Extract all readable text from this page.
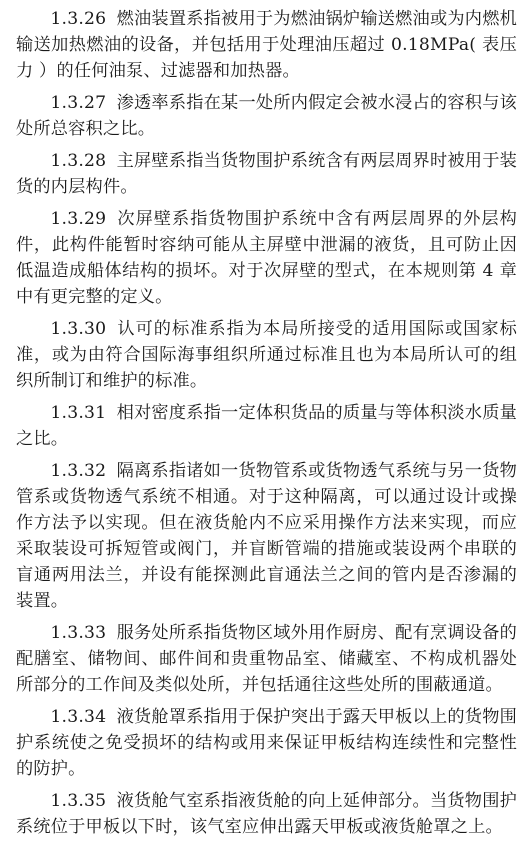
1.3.26 燃油装置系指被用于为燃油锅炉输送燃油或为内燃机输送加热燃油的设备，并包括用于处理油压超过 0.18MPa( 表压力 ）的任何油泵、过滤器和加热器。

1.3.27 渗透率系指在某一处所内假定会被水浸占的容积与该处所总容积之比。

1.3.28 主屏壁系指当货物围护系统含有两层周界时被用于装货的内层构件。

1.3.29 次屏壁系指货物围护系统中含有两层周界的外层构件，此构件能暂时容纳可能从主屏壁中泄漏的液货，且可防止因低温造成船体结构的损坏。对于次屏壁的型式，在本规则第 4 章中有更完整的定义。

1.3.30 认可的标准系指为本局所接受的适用国际或国家标准，或为由符合国际海事组织所通过标准且也为本局所认可的组织所制订和维护的标准。

1.3.31 相对密度系指一定体积货品的质量与等体积淡水质量之比。

1.3.32 隔离系指诸如一货物管系或货物透气系统与另一货物管系或货物透气系统不相通。对于这种隔离，可以通过设计或操作方法予以实现。但在液货舱内不应采用操作方法来实现，而应采取装设可拆短管或阀门，并盲断管端的措施或装设两个串联的盲通两用法兰，并设有能探测此盲通法兰之间的管内是否渗漏的装置。

1.3.33 服务处所系指货物区域外用作厨房、配有烹调设备的配膳室、储物间、邮件间和贵重物品室、储藏室、不构成机器处所部分的工作间及类似处所，并包括通往这些处所的围蔽通道。

1.3.34 液货舱罩系指用于保护突出于露天甲板以上的货物围护系统使之免受损坏的结构或用来保证甲板结构连续性和完整性的防护。

1.3.35 液货舱气室系指液货舱的向上延伸部分。当货物围护系统位于甲板以下时，该气室应伸出露天甲板或液货舱罩之上。
